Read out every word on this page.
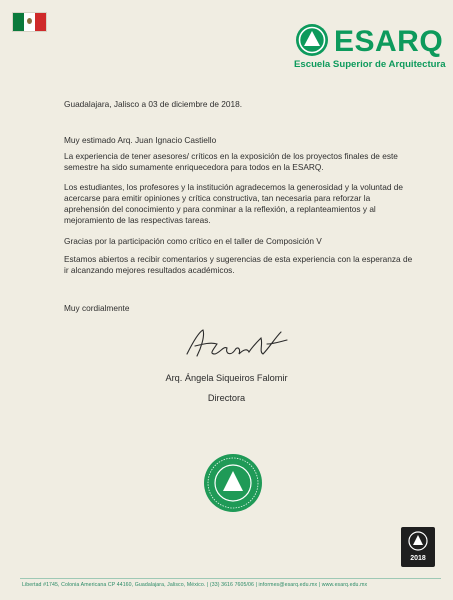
ESARQ
Escuela Superior de Arquitectura

Guadalajara, Jalisco a 03 de diciembre de 2018.

Muy estimado Arq. Juan Ignacio Castiello

La experiencia de tener asesores/ críticos en la exposición de los proyectos finales de este semestre ha sido sumamente enriquecedora para todos en la ESARQ.

Los estudiantes, los profesores y la institución agradecemos la generosidad y la voluntad de acercarse para emitir opiniones y crítica constructiva, tan necesaria para reforzar la aprehensión del conocimiento y para conminar a la reflexión, a replanteamientos y al mejoramiento de las respectivas tareas.

Gracias por la participación como crítico en el taller de Composición V

Estamos abiertos a recibir comentarios y sugerencias de esta experiencia con la esperanza de ir alcanzando mejores resultados académicos.

Muy cordialmente

Arq. Ángela Siqueiros Falomir
Directora
2018
Libertad #1745, Colonia Americana CP 44160, Guadalajara, Jalisco, México. | (33) 3616 7605/06 | informes@esarq.edu.mx | www.esarq.edu.mx
